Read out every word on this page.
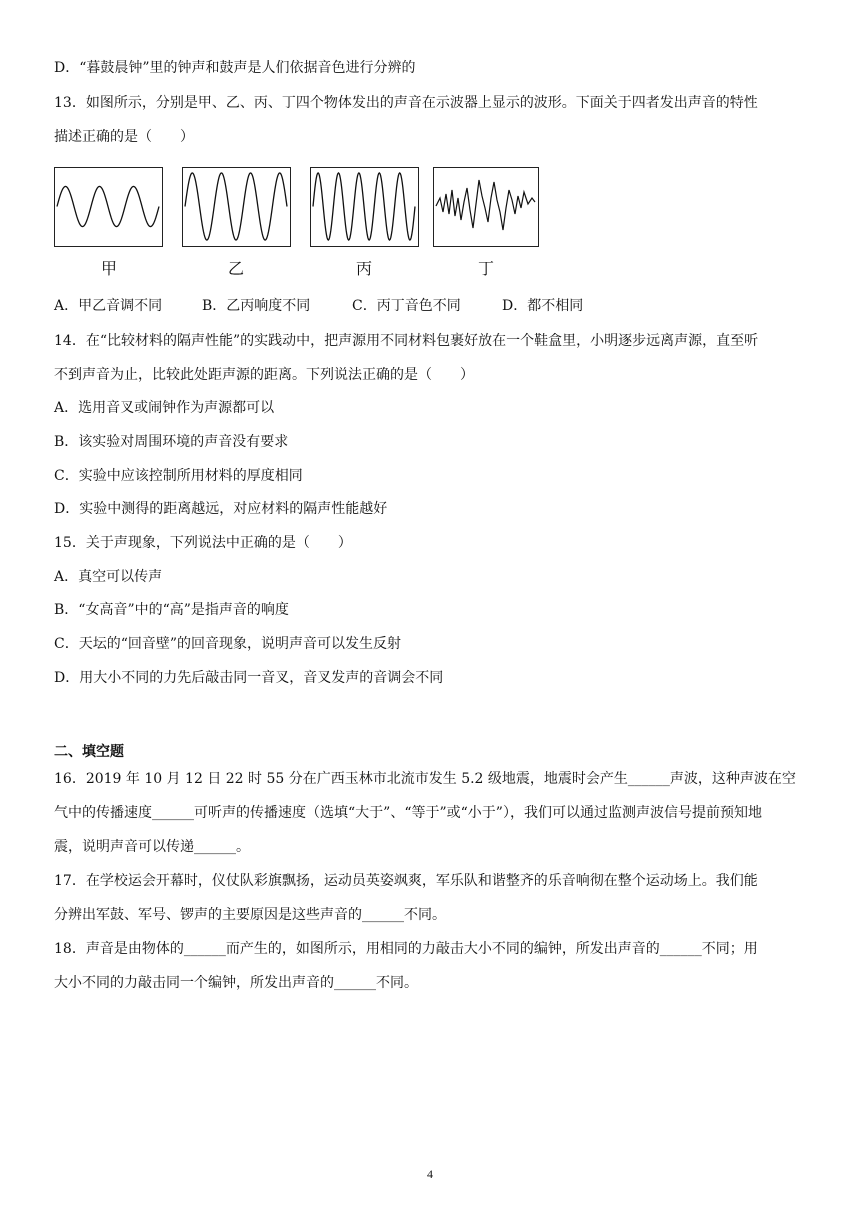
D．“暮鼓晨钟”里的钟声和鼓声是人们依据音色进行分辨的
13．如图所示，分别是甲、乙、丙、丁四个物体发出的声音在示波器上显示的波形。下面关于四者发出声音的特性
描述正确的是（　　）
甲	乙	丙	丁
A．甲乙音调不同	B．乙丙响度不同	C．丙丁音色不同	D．都不相同
14．在“比较材料的隔声性能”的实践动中，把声源用不同材料包裹好放在一个鞋盒里，小明逐步远离声源，直至听
不到声音为止，比较此处距声源的距离。下列说法正确的是（　　）
A．选用音叉或闹钟作为声源都可以
B．该实验对周围环境的声音没有要求
C．实验中应该控制所用材料的厚度相同
D．实验中测得的距离越远，对应材料的隔声性能越好
15．关于声现象，下列说法中正确的是（　　）
A．真空可以传声
B．“女高音”中的“高”是指声音的响度
C．天坛的“回音壁”的回音现象，说明声音可以发生反射
D．用大小不同的力先后敲击同一音叉，音叉发声的音调会不同
二、填空题
16．2019 年 10 月 12 日 22 时 55 分在广西玉林市北流市发生 5.2 级地震，地震时会产生______声波，这种声波在空
气中的传播速度______可听声的传播速度（选填“大于”、“等于”或“小于”），我们可以通过监测声波信号提前预知地
震，说明声音可以传递______。
17．在学校运会开幕时，仪仗队彩旗飘扬，运动员英姿飒爽，军乐队和谐整齐的乐音响彻在整个运动场上。我们能
分辨出军鼓、军号、锣声的主要原因是这些声音的______不同。
18．声音是由物体的______而产生的，如图所示，用相同的力敲击大小不同的编钟，所发出声音的______不同；用
大小不同的力敲击同一个编钟，所发出声音的______不同。
4
